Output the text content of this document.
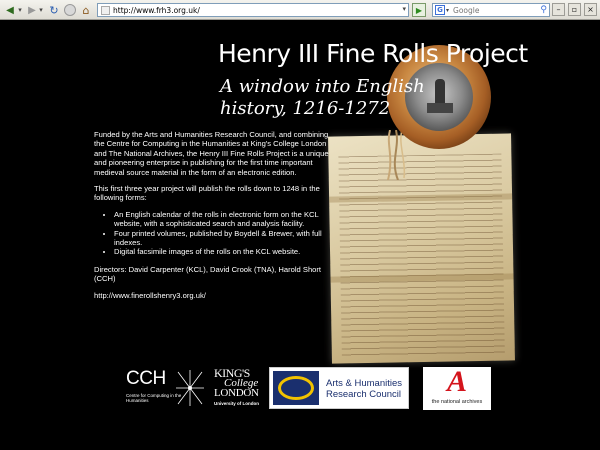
◀ ▾ ▶ ▾ ↻	⌂	http://www.frh3.org.uk/	▾	▶	G ▾
Google	⚲	–	▫	×
Henry III Fine Rolls Project
A window into English
history, 1216-1272

Funded by the Arts and Humanities Research Council, and combining the Centre for Computing in the Humanities at King's College London and The National Archives, the Henry III Fine Rolls Project is a unique and pioneering enterprise in publishing for the first time important medieval source material in the form of an electronic edition.

This first three year project will publish the rolls down to 1248 in the following forms:

• An English calendar of the rolls in electronic form on the KCL website, with a sophisticated search and analysis facility.
• Four printed volumes, published by Boydell & Brewer, with full indexes.
• Digital facsimile images of the rolls on the KCL website.

Directors: David Carpenter (KCL), David Crook (TNA), Harold Short (CCH)

http://www.finerollshenry3.org.uk/

CCH
Centre for Computing in the Humanities
KING'S
College
LONDON
University of London
Arts & Humanities
Research Council	A
the national archives
